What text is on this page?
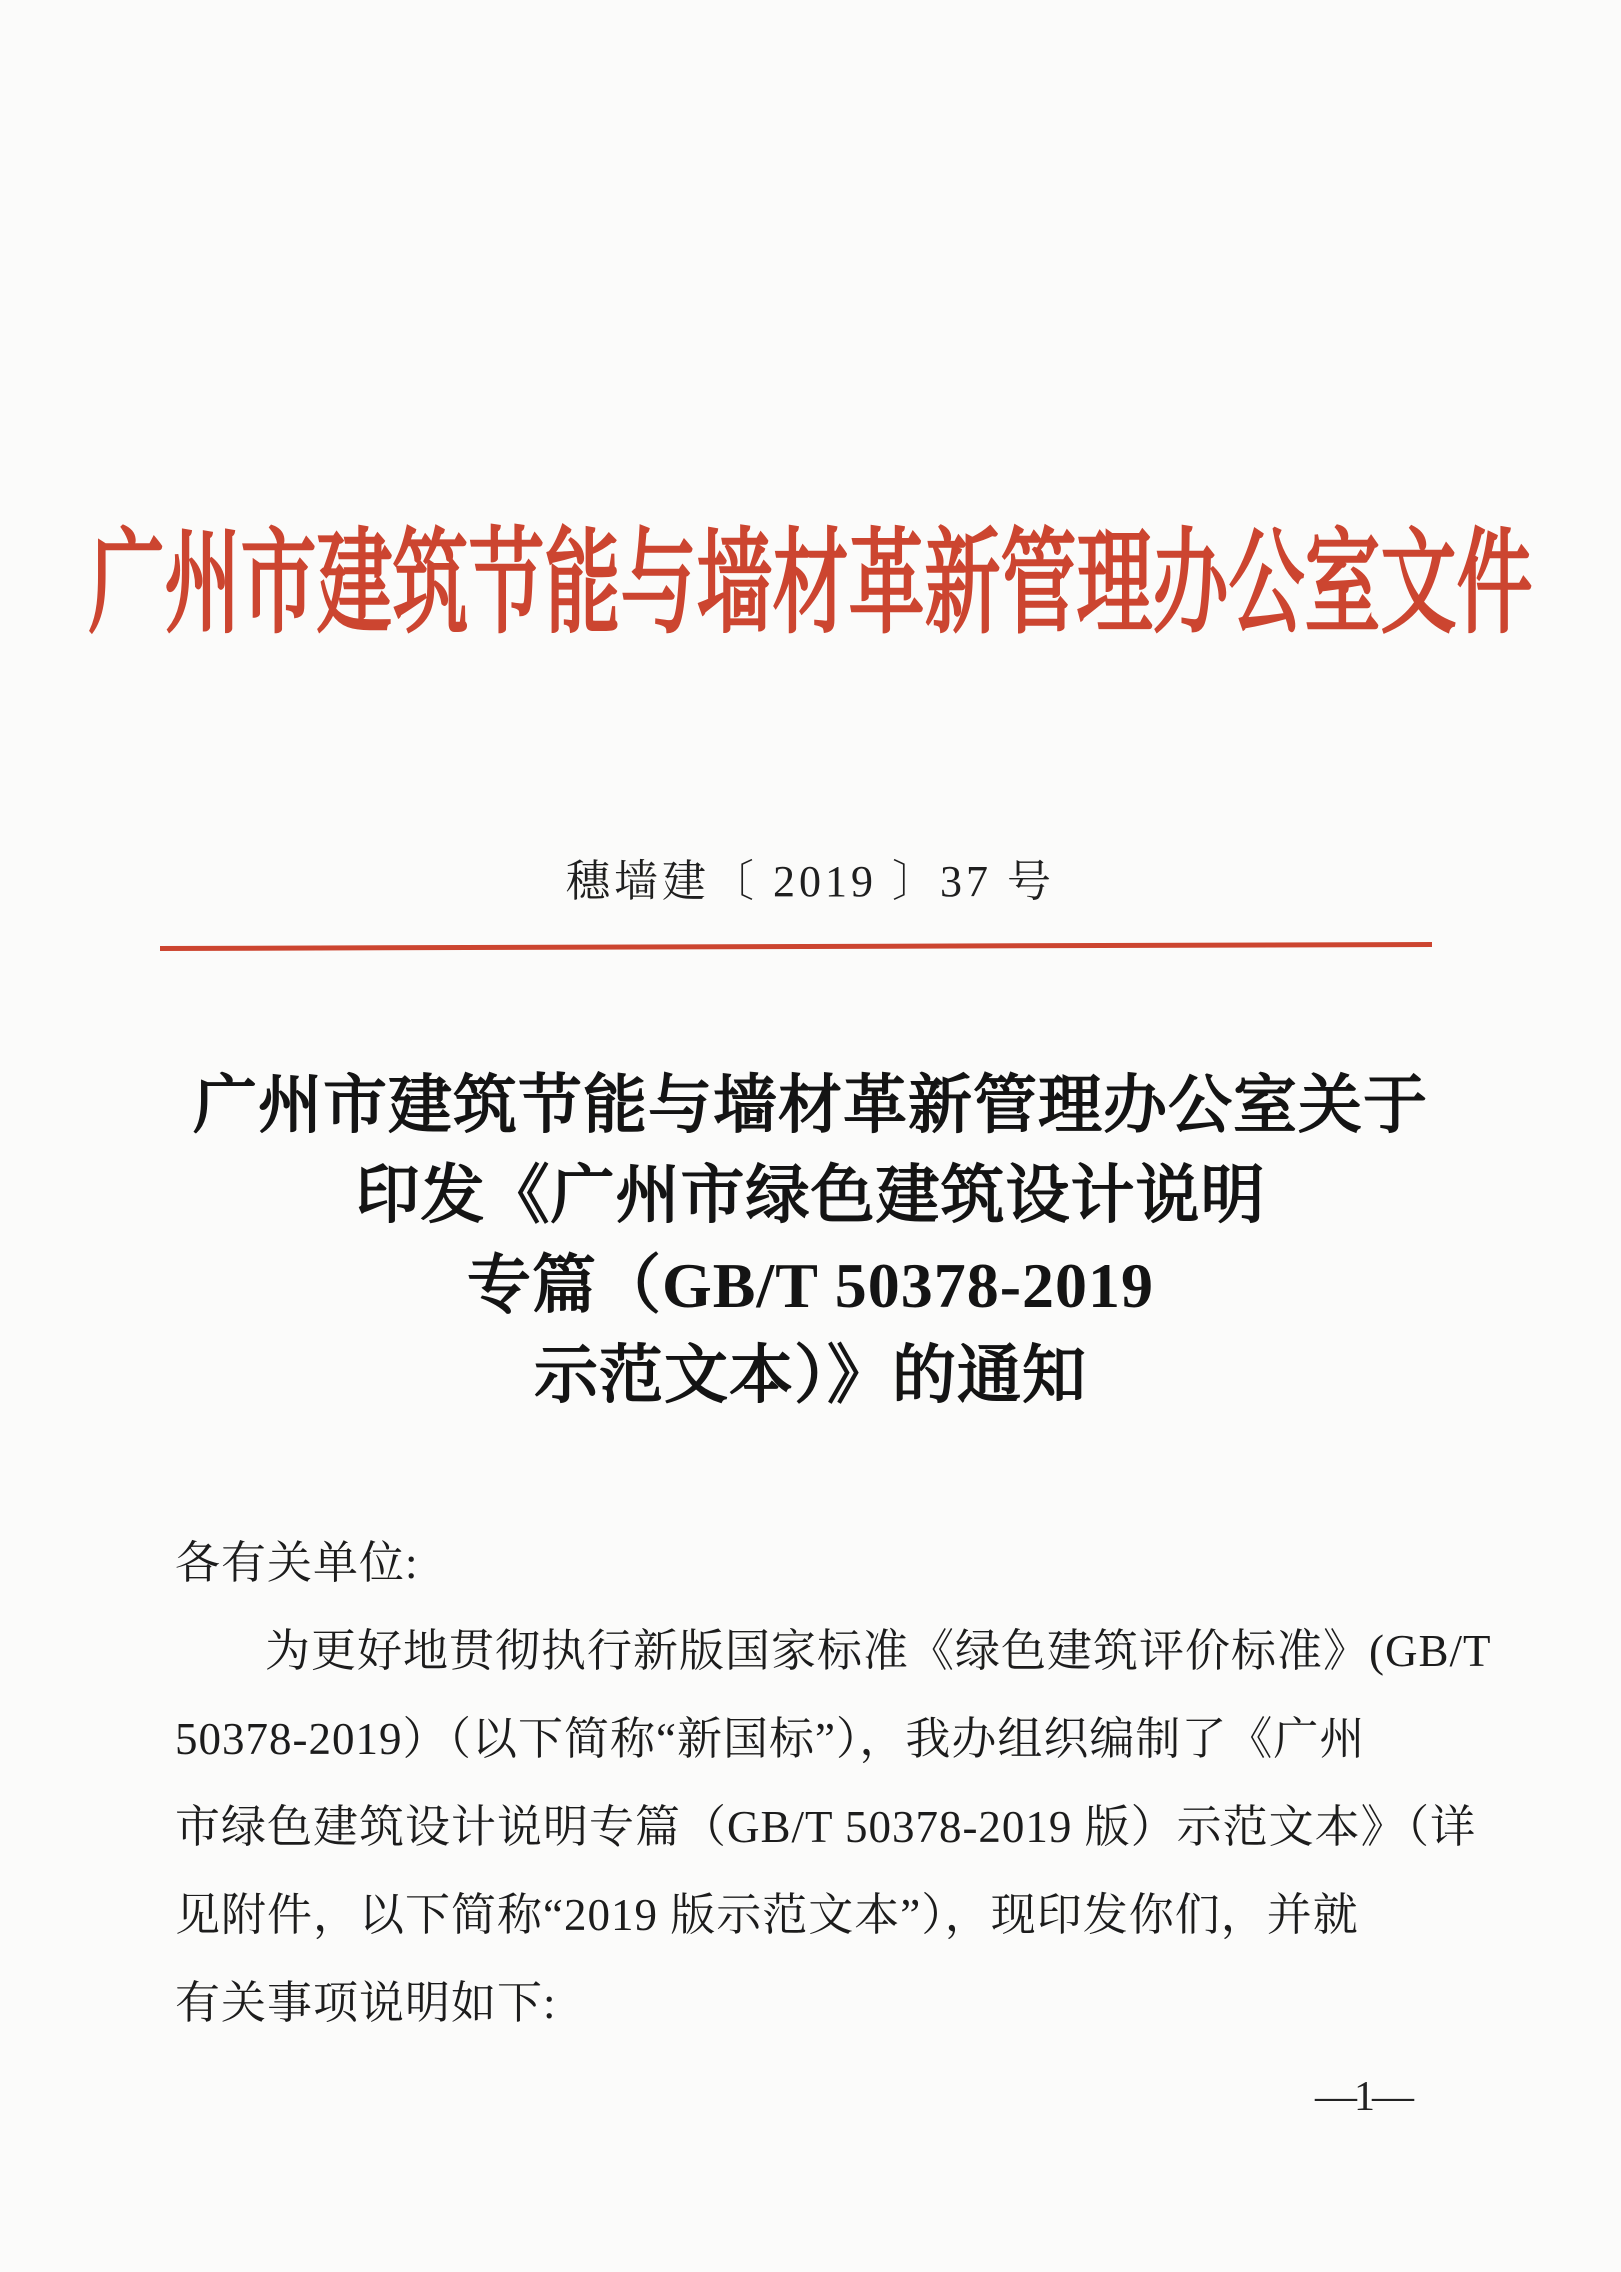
广州市建筑节能与墙材革新管理办公室文件
穗墙建〔 2019 〕37 号
广州市建筑节能与墙材革新管理办公室关于
印发《广州市绿色建筑设计说明
专篇（GB/T 50378-2019
示范文本）》的通知
各有关单位:
为更好地贯彻执行新版国家标准《绿色建筑评价标准》(GB/T
50378-2019）（以下简称“新国标”），我办组织编制了《广州
市绿色建筑设计说明专篇（GB/T 50378-2019 版）示范文本》（详
见附件，以下简称“2019 版示范文本”），现印发你们，并就
有关事项说明如下:
—1—
